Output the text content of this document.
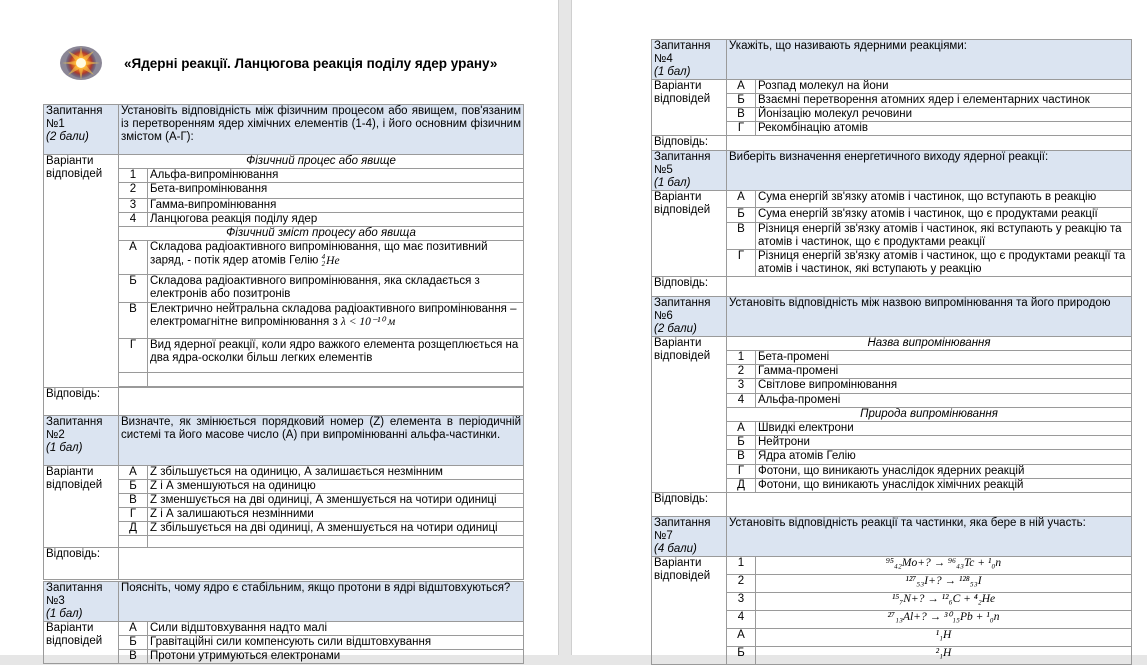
«Ядерні реакції. Ланцюгова реакція поділу ядер урану»
Запитання №1
(2 бали)	Установіть відповідність між фізичним процесом або явищем, пов'язаним із перетворенням ядер хімічних елементів (1-4), і його основним фізичним змістом (А-Г):	

Варіанти
відповідей	Фізичний процес або явище	
	1	Альфа-випромінювання
	2	Бета-випромінювання
	3	Гамма-випромінювання
	4	Ланцюгова реакція поділу ядер
	Фізичний зміст процесу або явища	
	А	Складова радіоактивного випромінювання, що має позитивний заряд, - потік ядер атомів Гелію 4
2He
	Б	Складова радіоактивного випромінювання, яка складається з електронів або позитронів
	В	Електрично нейтральна складова радіоактивного випромінювання – електромагнітне випромінювання з λ < 10⁻¹⁰ м
	Г	Вид ядерної реакції, коли ядро важкого елемента розщеплюється на два ядра-осколки більш легких елементів

Відповідь:		
Запитання №2
(1 бал)	Визначте, як змінюється порядковий номер (Z) елемента в періодичній системі та його масове число (А) при випромінюванні альфа-частинки.	

Варіанти
відповідей	А	Z збільшується на одиницю, А залишається незмінним
	Б	Z і А зменшуються на одиницю
	В	Z зменшується на дві одиниці, А зменшується на чотири одиниці
	Г	Z і А залишаються незмінними
	Д	Z збільшується на дві одиниці, А зменшується на чотири одиниці

Відповідь:		
Запитання №3
(1 бал)	Поясніть, чому ядро є стабільним, якщо протони в ядрі відштовхуються?	

Варіанти
відповідей	А	Сили відштовхування надто малі
	Б	Гравітаційні сили компенсують сили відштовхування
	В	Протони утримуються електронами
Запитання №4
(1 бал)	Укажіть, що називають ядерними реакціями:	

Варіанти
відповідей	А	Розпад молекул на йони
	Б	Взаємні перетворення атомних ядер і елементарних частинок
	В	Йонізацію молекул речовини
	Г	Рекомбінацію атомів
Відповідь:		
Запитання №5
(1 бал)	Виберіть визначення енергетичного виходу ядерної реакції:	

Варіанти
відповідей	А	Сума енергій зв'язку атомів і частинок, що вступають в реакцію
	Б	Сума енергій зв'язку атомів і частинок, що є продуктами реакції
	В	Різниця енергій зв'язку атомів і частинок, які вступають у реакцію та атомів і частинок, що є продуктами реакції
	Г	Різниця енергій зв'язку атомів і частинок, що є продуктами реакції та атомів і частинок, які вступають у реакцію
Відповідь:		
Запитання №6
(2 бали)	Установіть відповідність між назвою випромінювання та його природою	

Варіанти
відповідей	Назва випромінювання	
	1	Бета-промені
	2	Гамма-промені
	3	Світлове випромінювання
	4	Альфа-промені
	Природа випромінювання	
	А	Швидкі електрони
	Б	Нейтрони
	В	Ядра атомів Гелію
	Г	Фотони, що виникають унаслідок ядерних реакцій
	Д	Фотони, що виникають унаслідок хімічних реакцій
Відповідь:		
Запитання №7
(4 бали)	Установіть відповідність реакції та частинки, яка бере в ній участь:	

Варіанти
відповідей	1	⁹⁵₄₂Mo+? → ⁹⁶₄₃Tc + ¹₀n
	2	¹²⁷₅₃I+? → ¹²⁸₅₃I
	3	¹⁵₇N+? → ¹²₆C + ⁴₂He
	4	²⁷₁₃Al+? → ³⁰₁₅Pb + ¹₀n
	А	¹₁H
	Б	²₁H
